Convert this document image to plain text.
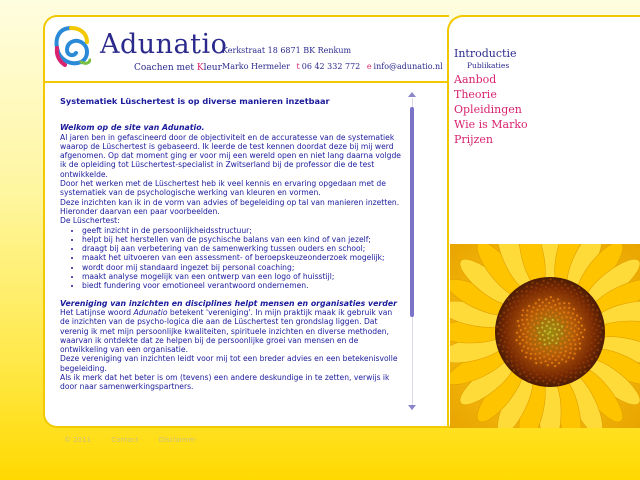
Adunatio
Coachen met Kleur
Kerkstraat 18 6871 BK Renkum
Marko Hermeler t 06 42 332 772 e info@adunatio.nl
Systematiek Lüschertest is op diverse manieren inzetbaar
Welkom op de site van Adunatio.

Al jaren ben in gefascineerd door de objectiviteit en de accuratesse van de systematiek waarop de Lüschertest is gebaseerd. Ik leerde de test kennen doordat deze bij mij werd afgenomen. Op dat moment ging er voor mij een wereld open en niet lang daarna volgde ik de opleiding tot Lüschertest-specialist in Zwitserland bij de professor die de test ontwikkelde.

Door het werken met de Lüschertest heb ik veel kennis en ervaring opgedaan met de systematiek van de psychologische werking van kleuren en vormen.

Deze inzichten kan ik in de vorm van advies of begeleiding op tal van manieren inzetten. Hieronder daarvan een paar voorbeelden.

De Lüschertest:

• geeft inzicht in de persoonlijkheidsstructuur;
• helpt bij het herstellen van de psychische balans van een kind of van jezelf;
• draagt bij aan verbetering van de samenwerking tussen ouders en school;
• maakt het uitvoeren van een assessment- of beroepskeuzeonderzoek mogelijk;
• wordt door mij standaard ingezet bij personal coaching;
• maakt analyse mogelijk van een ontwerp van een logo of huisstijl;
• biedt fundering voor emotioneel verantwoord ondernemen.
Vereniging van inzichten en disciplines helpt mensen en organisaties verder

Het Latijnse woord Adunatio betekent 'vereniging'. In mijn praktijk maak ik gebruik van de inzichten van de psycho-logica die aan de Lüschertest ten grondslag liggen. Dat verenig ik met mijn persoonlijke kwaliteiten, spirituele inzichten en diverse methoden, waarvan ik ontdekte dat ze helpen bij de persoonlijke groei van mensen en de ontwikkeling van een organisatie.

Deze vereniging van inzichten leidt voor mij tot een breder advies en een betekenisvolle begeleiding.

Als ik merk dat het beter is om (tevens) een andere deskundige in te zetten, verwijs ik door naar samenwerkingspartners.

Introductie
Publikaties
Aanbod
Theorie
Opleidingen
Wie is Marko
Prijzen
© 2011	Contact	Disclaimer
